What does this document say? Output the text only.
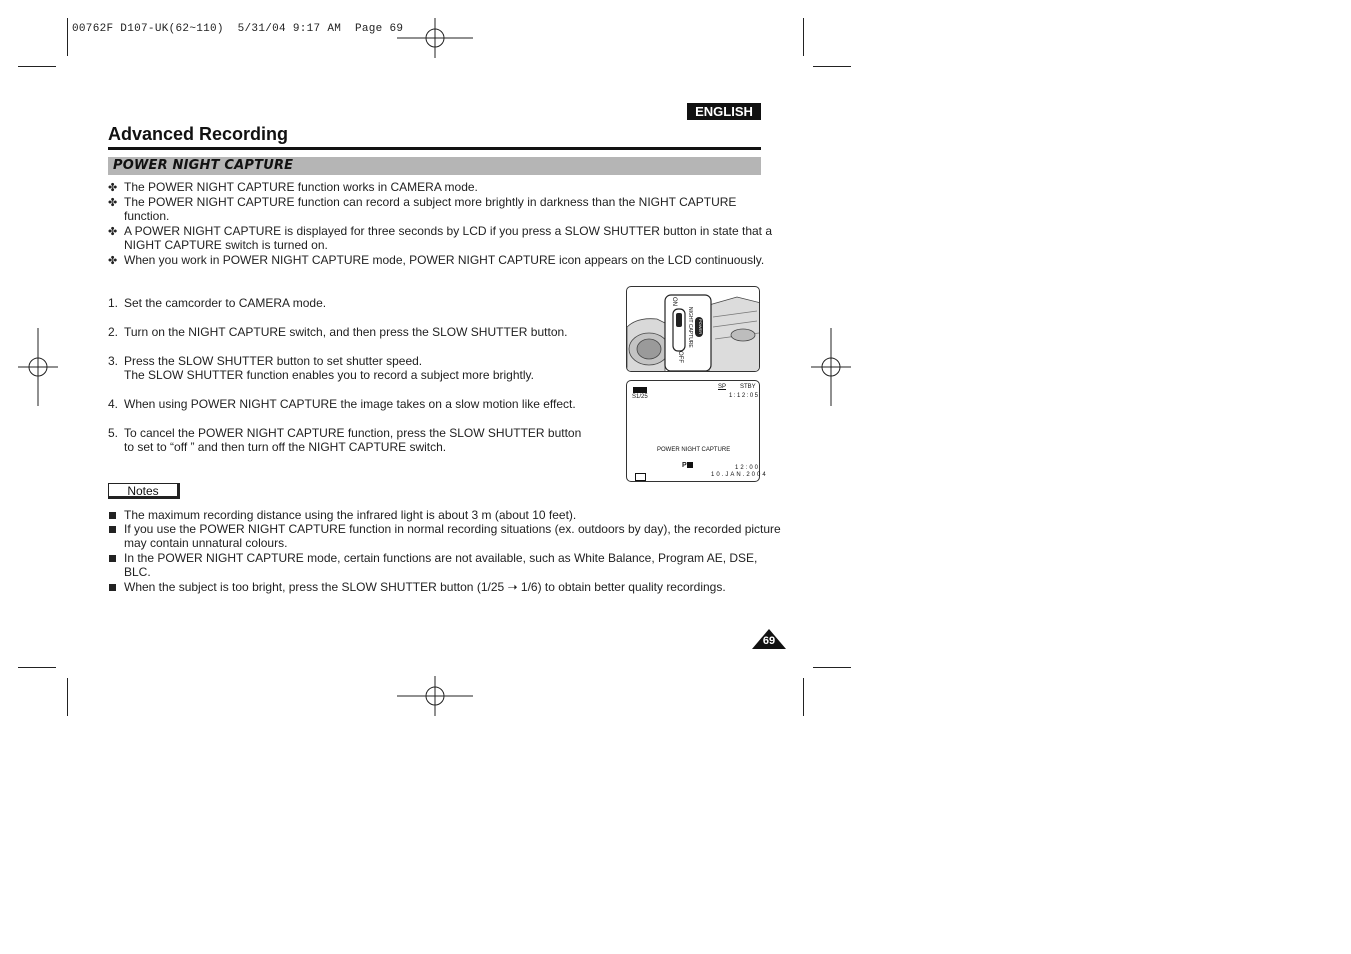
00762F D107-UK(62~110)  5/31/04 9:17 AM  Page 69
ENGLISH
Advanced Recording
POWER NIGHT CAPTURE
✤ The POWER NIGHT CAPTURE function works in CAMERA mode.
✤ The POWER NIGHT CAPTURE function can record a subject more brightly in darkness than the NIGHT CAPTURE
function.
✤ A POWER NIGHT CAPTURE is displayed for three seconds by LCD if you press a SLOW SHUTTER button in state that a
NIGHT CAPTURE switch is turned on.
✤ When you work in POWER NIGHT CAPTURE mode, POWER NIGHT CAPTURE icon appears on the LCD continuously.
1. Set the camcorder to CAMERA mode.
2. Turn on the NIGHT CAPTURE switch, and then press the SLOW SHUTTER button.
3. Press the SLOW SHUTTER button to set shutter speed.
The SLOW SHUTTER function enables you to record a subject more brightly.
4. When using POWER NIGHT CAPTURE the image takes on a slow motion like effect.
5. To cancel the POWER NIGHT CAPTURE function, press the SLOW SHUTTER button
to set to “off ” and then turn off the NIGHT CAPTURE switch.
ON
NIGHT CAPTURE POWER
OFF
S1/25
SP STBY
1:12:05
POWER NIGHT CAPTURE
P	12:00
10.JAN.2004
Notes
The maximum recording distance using the infrared light is about 3 m (about 10 feet).
If you use the POWER NIGHT CAPTURE function in normal recording situations (ex. outdoors by day), the recorded picture
may contain unnatural colours.
In the POWER NIGHT CAPTURE mode, certain functions are not available, such as White Balance, Program AE, DSE,
BLC.
When the subject is too bright, press the SLOW SHUTTER button (1/25 ➝ 1/6) to obtain better quality recordings.
69
